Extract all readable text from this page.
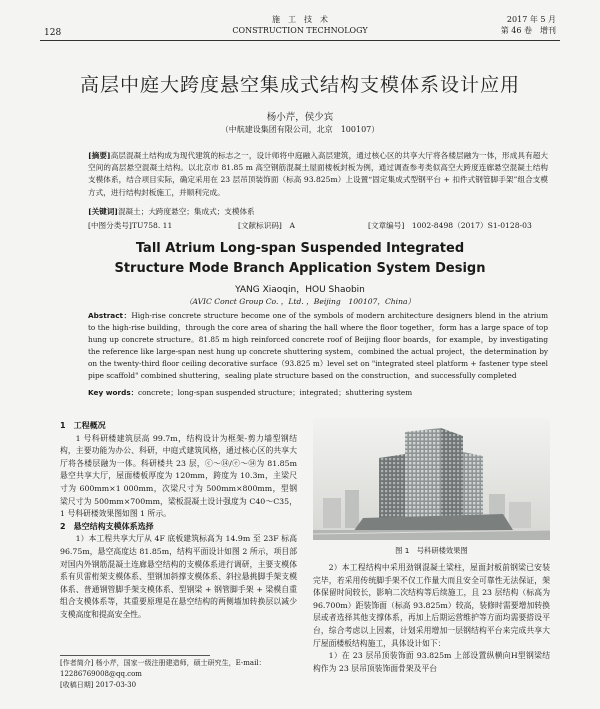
128
施　工　技　术
CONSTRUCTION TECHNOLOGY
2017 年 5 月
第 46 卷　增刊
高层中庭大跨度悬空集成式结构支模体系设计应用
杨小芹，侯少宾
（中航建设集团有限公司，北京　100107）
[摘要]高层混凝土结构成为现代建筑的标志之一，设计师将中庭融入高层建筑，通过核心区的共享大厅将各楼层融为一体，形成具有超大空间的高层悬空混凝土结构。以北京市 81.85 m 高空钢筋混凝土屋面楼板封板为例，通过调查参考类似高空大跨度连廊悬空混凝土结构支模体系，结合项目实际，确定采用在 23 层吊顶装饰面（标高 93.825m）上设置“固定集成式型钢平台 + 扣件式钢管脚手架”组合支模方式，进行结构封板施工，并顺利完成。
[关键词]混凝土；大跨度悬空；集成式；支模体系
[中图分类号]TU758. 11	[文献标识码]　A	[文章编号]　1002-8498（2017）S1-0128-03
Tall Atrium Long-span Suspended Integrated
Structure Mode Branch Application System Design
YANG Xiaoqin，HOU Shaobin
（AVIC Conct Group Co. ，Ltd. ，Beijing　100107，China）
Abstract：High-rise concrete structure become one of the symbols of modern architecture designers blend in the atrium to the high-rise building，through the core area of sharing the hall where the floor together，form has a large space of top hung up concrete structure。81.85 m high reinforced concrete roof of Beijing floor boards，for example，by investigating the reference like large-span nest hung up concrete shuttering system，combined the actual project，the determination by on the twenty-third floor ceiling decorative surface（93.825 m）level set on "integrated steel platform + fastener type steel pipe scaffold" combined shuttering，sealing plate structure based on the construction，and successfully completed
Key words：concrete；long-span suspended structure；integrated；shuttering system
1　工程概况
1 号科研楼建筑层高 99.7m，结构设计为框架-剪力墙型钢结构，主要功能为办公、科研，中庭式建筑风格，通过核心区的共享大厅将各楼层融为一体。科研楼共 23 层，ⓒ～⑭/ⓔ～⑭为 81.85m 悬空共享大厅，屋面楼板厚度为 120mm，跨度为 10.3m，主梁尺寸为 600mm×1 000mm，次梁尺寸为 500mm×800mm，型钢梁尺寸为 500mm×700mm，梁板混凝土设计强度为 C40～C35，1 号科研楼效果图如图 1 所示。
2　悬空结构支模体系选择
1）本工程共享大厅从 4F 底板建筑标高为 14.9m 至 23F 标高 96.75m，悬空高度达 81.85m，结构平面设计如图 2 所示，项目部对国内外钢筋混凝土连廊悬空结构的支模体系进行调研，主要支模体系有贝雷桁架支模体系、型钢加斜撑支模体系、斜拉悬挑脚手架支模体系、普通钢管脚手架支模体系、型钢梁 + 钢管脚手架 + 梁模自重组合支模体系等，其重要原理是在悬空结构的两侧墙加转换层以减少支模高度和提高安全性。
[作者简介] 杨小芹，国家一级注册建造师，硕士研究生，E-mail：12286769008@qq.com
[收稿日期] 2017-03-30
图 1　号科研楼效果图
2）本工程结构中采用劲钢混凝土梁柱，屋面封板前钢梁已安装完毕，若采用传统脚手架不仅工作量大而且安全可靠性无法保证，架体保留时间较长，影响二次结构等后续施工，且 23 层结构（标高为 96.700m）距装饰面（标高 93.825m）较高，装修时需要增加转换层或者选择其他支撑体系，再加上后期运营维护等方面均需要搭设平台，综合考虑以上因素，计划采用增加一层钢结构平台来完成共享大厅屋面楼板结构施工，具体设计如下：
1）在 23 层吊顶装饰面 93.825m 上部设置纵横向H型钢梁结构作为 23 层吊顶装饰面骨架及平台
